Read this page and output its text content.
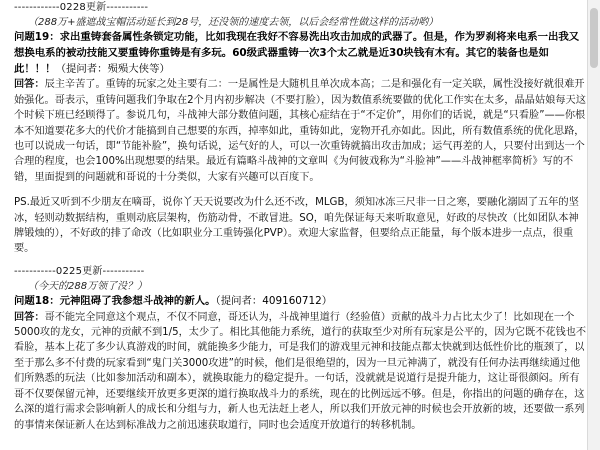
------------0228更新-----------
（288万+盛遮战宝帽活动延长到28号，还没领的速度去领，以后会经常性做这样的活动哟）
问题19：求出重铸套备属性条锁定功能，比如我现在我好不容易洗出攻击加成的武器了。但是，作为罗刹将来电系一出我又想换电系的被动技能又要重铸你重铸是有多玩。60级武器重铸一次3个太乙就是近30块钱有木有。其它的装备也是如此！！！（提问者：殒殒大侠等）
回答：辰主辛苦了。重铸的玩家之处主要有二：一是属性是大随机且单次成本高；二是和强化有一定关联，属性没接好就很难开始强化。哥表示，重铸问题我们争取在2个月内初步解决（不要打脸），因为数值系统要做的优化工作实在太多，晶晶姑娘每天这个时候下班已经顾得了。参说几句，斗战神大部分数值问题，其核心症结在于“不定价”，用你们的话说，就是“只看脸”——你根本不知道要花多大的代价才能搞到自己想要的东西，掉率如此，重铸如此，宠物开孔亦如此。因此，所有数值系统的优化思路，也可以说成一句话，即“节能补脸”，换句话说，运气好的人，可以一次重铸就搞出攻击加成；运气再差的人，只要付出到达一个合理的程度，也会100%出现想要的结果。最近有篇略斗战神的文章叫《为何彼戏称为“斗脸神”——斗战神框率简析》写的不错，里面提到的问题就和哥说的十分类似，大家有兴趣可以百度下。
PS.最近又听到不少朋友在嘀哥，说你丫天天说要改为什么还不改，MLGB，须知冰冻三尺非一日之寒，要融化溺固了五年的坚冰，轻则动数据结构，重则动底层架构，伤筋动骨，不敢冒进。SO，咱先保证每天来听取意见，好政的尽快改（比如团队本神牌锻烛的），不好政的排了命改（比如职业分工重铸强化PVP）。欢迎大家监督，但要给点正能量，每个版本进步一点点，很重要。
-----------0225更新-----------
（今天的288万领了没？）
问题18：元神阻碍了我参想斗战神的新人。（提问者：409160712）
回答：哥不能完全同意这个观点，不仅不同意，哥还认为，斗战神里道行（经验值）贡献的战斗力占比太少了！比如现在一个5000攻的龙女，元神的贡献不到1/5，太少了。相比其他能力系统，道行的获取至少对所有玩家是公平的，因为它既不花钱也不看脸，基本上花了多少认真游戏的时间，就能换多少能力，可是我们的游戏里元神和技能点都太快就到达低性价比的瓶颈了，以至于那么多不付费的玩家看到“鬼门关3000攻进”的时候，他们是很绝望的，因为一旦元神满了，就没有任何办法再继续通过他们所熟悉的玩法（比如参加活动和副本），就换取能力的稳定提升。一句话，没就就是说道行是提升能力，这让哥很颜闷。所有哥不仅要保留元神，还要继续开放更多更深的道行换取战斗力的系统，现在的比例远远不够。但是，你指出的问题的确存在，这么深的道行需求会影响新人的成长和分组与力，新人也无法赶上老人，所以我们开放元神的时候也会开放新的坡，还要做一系列的事情来保证新人在达到标准战力之前迅速获取道行，同时也会适度开放道行的转移机制。
